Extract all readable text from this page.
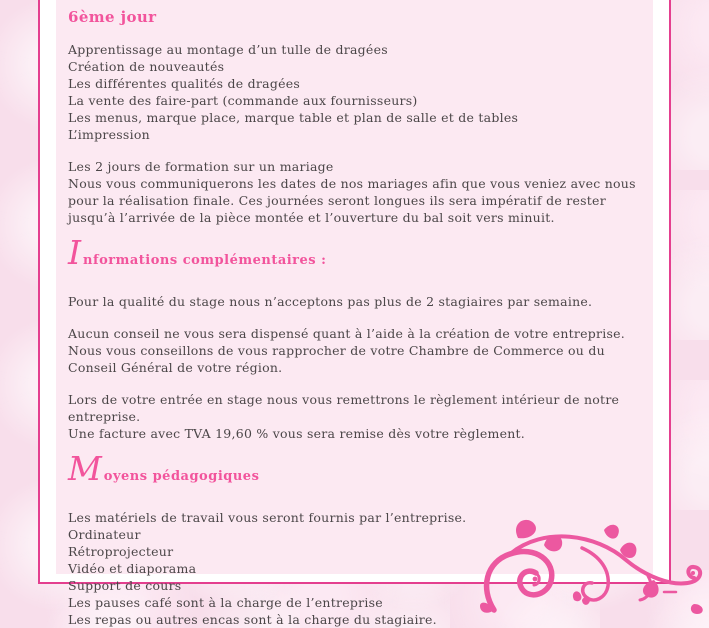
6ème jour
Apprentissage au montage d’un tulle de dragées
Création de nouveautés
Les différentes qualités de dragées
La vente des faire-part (commande aux fournisseurs)
Les menus, marque place, marque table et plan de salle et de tables
L’impression
Les 2 jours de formation sur un mariage
Nous vous communiquerons les dates de nos mariages afin que vous veniez avec nous pour la réalisation finale. Ces journées seront longues ils sera impératif de rester jusqu’à l’arrivée de la pièce montée et l’ouverture du bal soit vers minuit.
Informations complémentaires :
Pour la qualité du stage nous n’acceptons pas plus de 2 stagiaires par semaine.
Aucun conseil ne vous sera dispensé quant à l’aide à la création de votre entreprise. Nous vous conseillons de vous rapprocher de votre Chambre de Commerce ou du Conseil Général de votre région.
Lors de votre entrée en stage nous vous remettrons le règlement intérieur de notre entreprise.
Une facture avec TVA 19,60 % vous sera remise dès votre règlement.
Moyens pédagogiques
Les matériels de travail vous seront fournis par l’entreprise.
Ordinateur
Rétroprojecteur
Vidéo et diaporama
Support de cours
Les pauses café sont à la charge de l’entreprise
Les repas ou autres encas sont à la charge du stagiaire.
